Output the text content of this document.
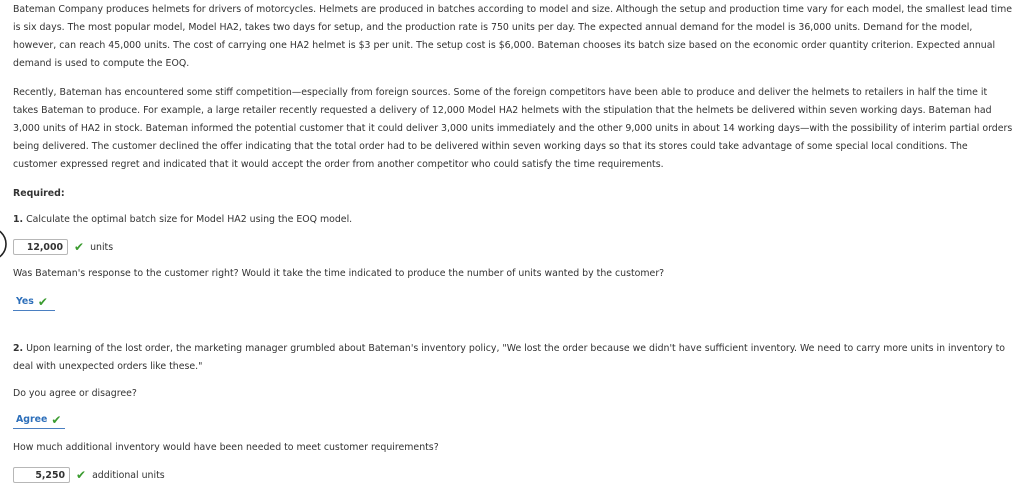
Bateman Company produces helmets for drivers of motorcycles. Helmets are produced in batches according to model and size. Although the setup and production time vary for each model, the smallest lead time is six days. The most popular model, Model HA2, takes two days for setup, and the production rate is 750 units per day. The expected annual demand for the model is 36,000 units. Demand for the model, however, can reach 45,000 units. The cost of carrying one HA2 helmet is $3 per unit. The setup cost is $6,000. Bateman chooses its batch size based on the economic order quantity criterion. Expected annual demand is used to compute the EOQ.

Recently, Bateman has encountered some stiff competition—especially from foreign sources. Some of the foreign competitors have been able to produce and deliver the helmets to retailers in half the time it takes Bateman to produce. For example, a large retailer recently requested a delivery of 12,000 Model HA2 helmets with the stipulation that the helmets be delivered within seven working days. Bateman had 3,000 units of HA2 in stock. Bateman informed the potential customer that it could deliver 3,000 units immediately and the other 9,000 units in about 14 working days—with the possibility of interim partial orders being delivered. The customer declined the offer indicating that the total order had to be delivered within seven working days so that its stores could take advantage of some special local conditions. The customer expressed regret and indicated that it would accept the order from another competitor who could satisfy the time requirements.

Required:
1. Calculate the optimal batch size for Model HA2 using the EOQ model.
12,000 ✔ units
Was Bateman's response to the customer right? Would it take the time indicated to produce the number of units wanted by the customer?
Yes ✔
2. Upon learning of the lost order, the marketing manager grumbled about Bateman's inventory policy, "We lost the order because we didn't have sufficient inventory. We need to carry more units in inventory to deal with unexpected orders like these."
Do you agree or disagree?
Agree ✔
How much additional inventory would have been needed to meet customer requirements?
5,250 ✔ additional units
